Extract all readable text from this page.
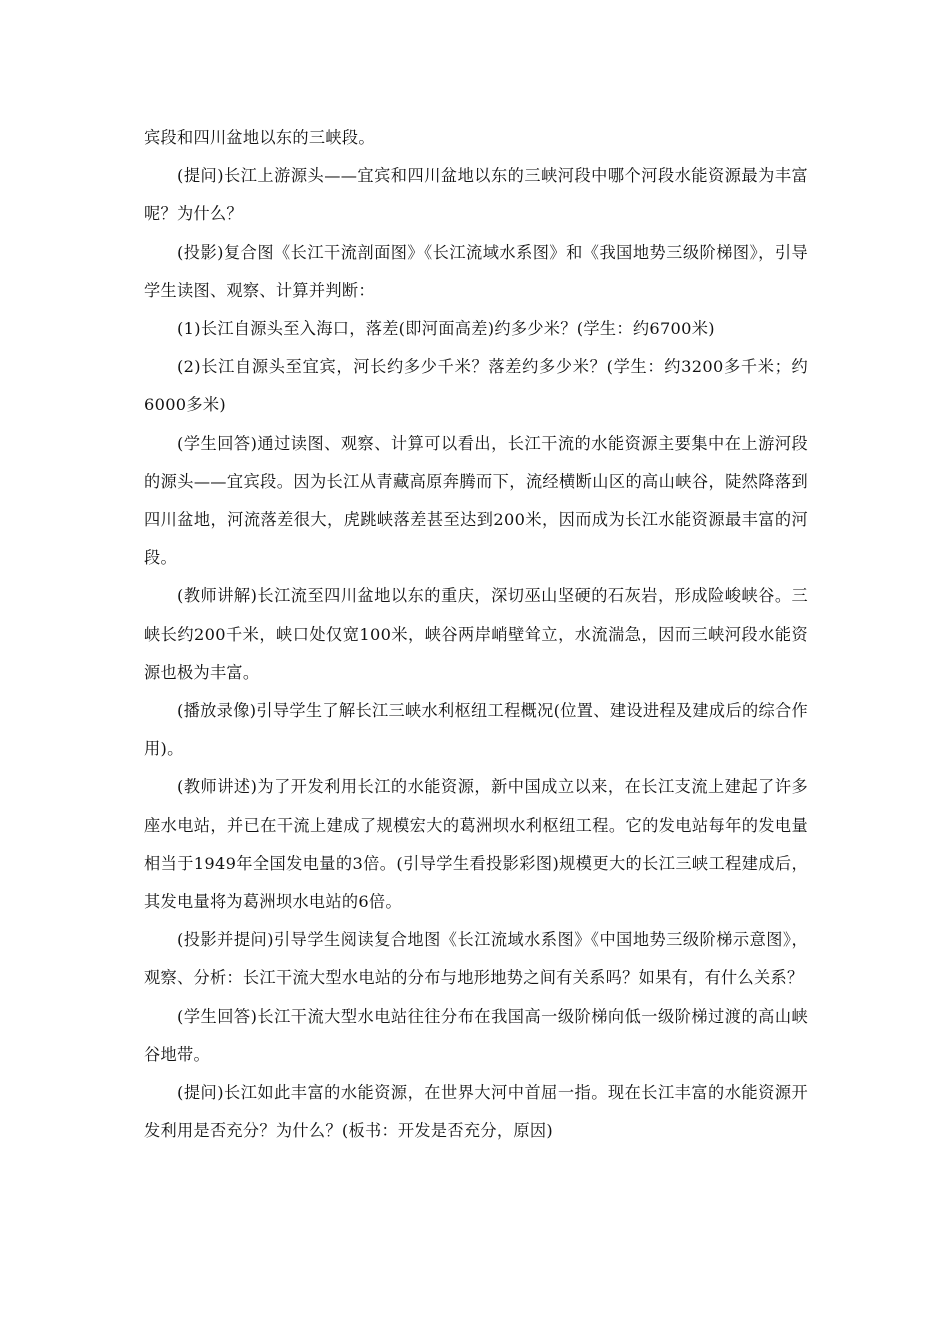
宾段和四川盆地以东的三峡段。

(提问)长江上游源头——宜宾和四川盆地以东的三峡河段中哪个河段水能资源最为丰富呢？为什么？

(投影)复合图《长江干流剖面图》《长江流域水系图》和《我国地势三级阶梯图》，引导学生读图、观察、计算并判断：

(1)长江自源头至入海口，落差(即河面高差)约多少米？(学生：约6700米)

(2)长江自源头至宜宾，河长约多少千米？落差约多少米？(学生：约3200多千米；约6000多米)

(学生回答)通过读图、观察、计算可以看出，长江干流的水能资源主要集中在上游河段的源头——宜宾段。因为长江从青藏高原奔腾而下，流经横断山区的高山峡谷，陡然降落到四川盆地，河流落差很大，虎跳峡落差甚至达到200米，因而成为长江水能资源最丰富的河段。

(教师讲解)长江流至四川盆地以东的重庆，深切巫山坚硬的石灰岩，形成险峻峡谷。三峡长约200千米，峡口处仅宽100米，峡谷两岸峭壁耸立，水流湍急，因而三峡河段水能资源也极为丰富。

(播放录像)引导学生了解长江三峡水利枢纽工程概况(位置、建设进程及建成后的综合作用)。

(教师讲述)为了开发利用长江的水能资源，新中国成立以来，在长江支流上建起了许多座水电站，并已在干流上建成了规模宏大的葛洲坝水利枢纽工程。它的发电站每年的发电量相当于1949年全国发电量的3倍。(引导学生看投影彩图)规模更大的长江三峡工程建成后，其发电量将为葛洲坝水电站的6倍。

(投影并提问)引导学生阅读复合地图《长江流域水系图》《中国地势三级阶梯示意图》，观察、分析：长江干流大型水电站的分布与地形地势之间有关系吗？如果有，有什么关系？

(学生回答)长江干流大型水电站往往分布在我国高一级阶梯向低一级阶梯过渡的高山峡谷地带。

(提问)长江如此丰富的水能资源，在世界大河中首屈一指。现在长江丰富的水能资源开发利用是否充分？为什么？(板书：开发是否充分，原因)
